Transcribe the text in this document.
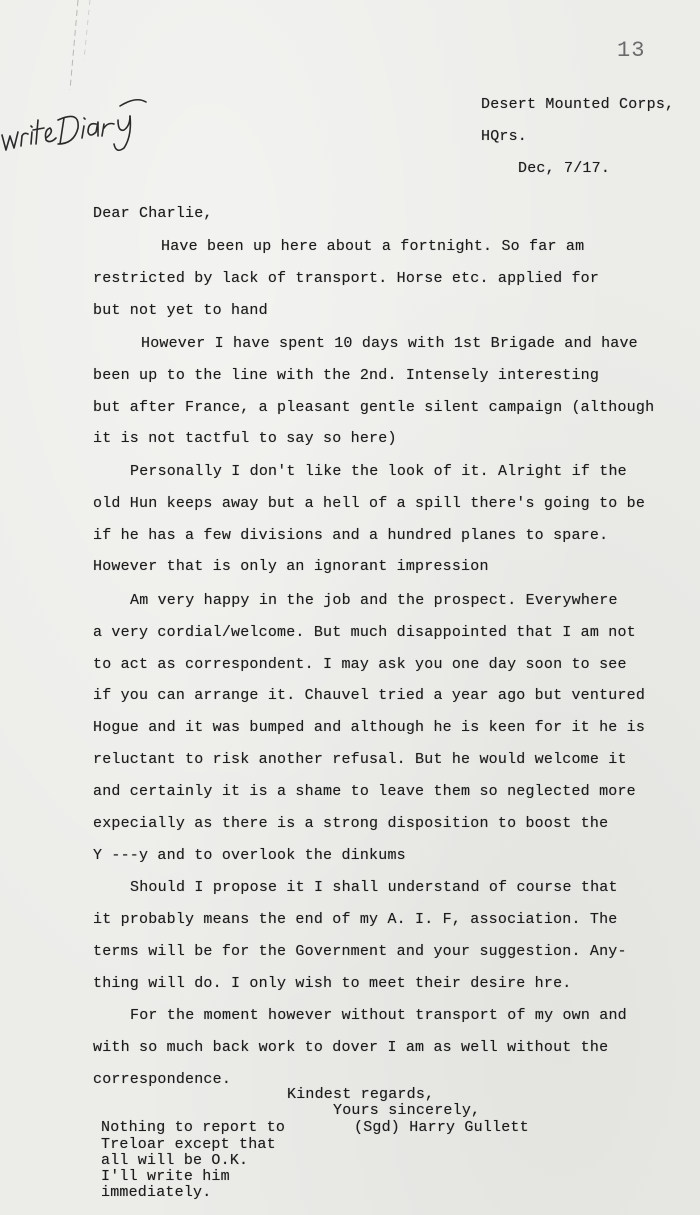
13
Desert Mounted Corps,
HQrs.
Dec, 7/17.
Dear Charlie,
Have been up here about a fortnight. So far am
restricted by lack of transport. Horse etc. applied for
but not yet to hand
However I have spent 10 days with 1st Brigade and have
been up to the line with the 2nd. Intensely interesting
but after France, a pleasant gentle silent campaign (although
it is not tactful to say so here)
Personally I don't like the look of it. Alright if the
old Hun keeps away but a hell of a spill there's going to be
if he has a few divisions and a hundred planes to spare.
However that is only an ignorant impression
Am very happy in the job and the prospect. Everywhere
a very cordial/welcome. But much disappointed that I am not
to act as correspondent. I may ask you one day soon to see
if you can arrange it. Chauvel tried a year ago but ventured
Hogue and it was bumped and although he is keen for it he is
reluctant to risk another refusal. But he would welcome it
and certainly it is a shame to leave them so neglected more
expecially as there is a strong disposition to boost the
Y ---y and to overlook the dinkums
Should I propose it I shall understand of course that
it probably means the end of my A. I. F, association. The
terms will be for the Government and your suggestion. Any-
thing will do. I only wish to meet their desire hre.
For the moment however without transport of my own and
with so much back work to dover I am as well without the
correspondence.
Kindest regards,
Yours sincerely,
(Sgd) Harry Gullett
Nothing to report to
Treloar except that
all will be O.K.
I'll write him
immediately.
